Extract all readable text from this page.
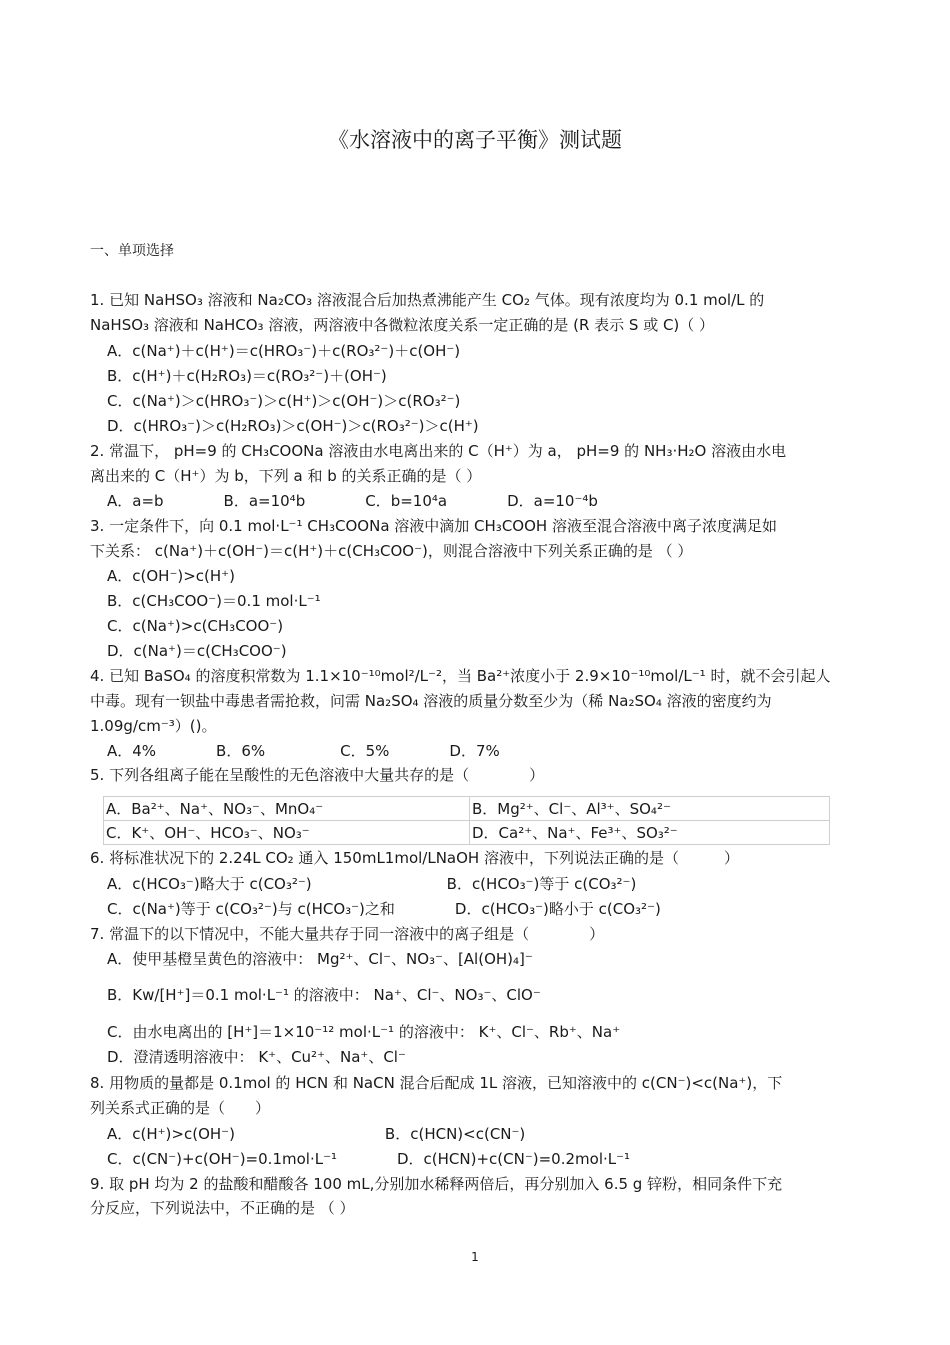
《水溶液中的离子平衡》测试题
一、单项选择
1. 已知 NaHSO₃ 溶液和 Na₂CO₃ 溶液混合后加热煮沸能产生 CO₂ 气体。现有浓度均为 0.1 mol/L 的
NaHSO₃ 溶液和 NaHCO₃ 溶液，两溶液中各微粒浓度关系一定正确的是 (R 表示 S 或 C)（ ）
A．c(Na⁺)＋c(H⁺)＝c(HRO₃⁻)＋c(RO₃²⁻)＋c(OH⁻)
B．c(H⁺)＋c(H₂RO₃)＝c(RO₃²⁻)＋(OH⁻)
C．c(Na⁺)＞c(HRO₃⁻)＞c(H⁺)＞c(OH⁻)＞c(RO₃²⁻)
D．c(HRO₃⁻)＞c(H₂RO₃)＞c(OH⁻)＞c(RO₃²⁻)＞c(H⁺)
2. 常温下， pH=9 的 CH₃COONa 溶液由水电离出来的 C（H⁺）为 a， pH=9 的 NH₃·H₂O 溶液由水电
离出来的 C（H⁺）为 b，下列 a 和 b 的关系正确的是（ ）
A．a=b　　　　B．a=10⁴b　　　　C．b=10⁴a　　　　D．a=10⁻⁴b
3. 一定条件下，向 0.1 mol·L⁻¹ CH₃COONa 溶液中滴加 CH₃COOH 溶液至混合溶液中离子浓度满足如
下关系： c(Na⁺)＋c(OH⁻)＝c(H⁺)＋c(CH₃COO⁻)，则混合溶液中下列关系正确的是 （ ）
A．c(OH⁻)>c(H⁺)
B．c(CH₃COO⁻)＝0.1 mol·L⁻¹
C．c(Na⁺)>c(CH₃COO⁻)
D．c(Na⁺)＝c(CH₃COO⁻)
4. 已知 BaSO₄ 的溶度积常数为 1.1×10⁻¹⁰mol²/L⁻²，当 Ba²⁺浓度小于 2.9×10⁻¹⁰mol/L⁻¹ 时，就不会引起人
中毒。现有一钡盐中毒患者需抢救，问需 Na₂SO₄ 溶液的质量分数至少为（稀 Na₂SO₄ 溶液的密度约为
1.09g/cm⁻³）()。
A．4%　　　　B．6%　　　　　C．5%　　　　D．7%
5. 下列各组离子能在呈酸性的无色溶液中大量共存的是（　　　　）
A．Ba²⁺、Na⁺、NO₃⁻、MnO₄⁻	B．Mg²⁺、Cl⁻、Al³⁺、SO₄²⁻
C．K⁺、OH⁻、HCO₃⁻、NO₃⁻	D．Ca²⁺、Na⁺、Fe³⁺、SO₃²⁻
6. 将标准状况下的 2.24L CO₂ 通入 150mL1mol/LNaOH 溶液中，下列说法正确的是（　　　）
A．c(HCO₃⁻)略大于 c(CO₃²⁻)　　　　　　　　　B．c(HCO₃⁻)等于 c(CO₃²⁻)
C．c(Na⁺)等于 c(CO₃²⁻)与 c(HCO₃⁻)之和　　　　D．c(HCO₃⁻)略小于 c(CO₃²⁻)
7. 常温下的以下情况中，不能大量共存于同一溶液中的离子组是（　　　　）
A．使甲基橙呈黄色的溶液中： Mg²⁺、Cl⁻、NO₃⁻、[Al(OH)₄]⁻
B．Kw/[H⁺]＝0.1 mol·L⁻¹ 的溶液中： Na⁺、Cl⁻、NO₃⁻、ClO⁻
C．由水电离出的 [H⁺]＝1×10⁻¹² mol·L⁻¹ 的溶液中： K⁺、Cl⁻、Rb⁺、Na⁺
D．澄清透明溶液中： K⁺、Cu²⁺、Na⁺、Cl⁻
8. 用物质的量都是 0.1mol 的 HCN 和 NaCN 混合后配成 1L 溶液，已知溶液中的 c(CN⁻)<c(Na⁺)，下
列关系式正确的是（　　）
A．c(H⁺)>c(OH⁻)　　　　　　　　　　B．c(HCN)<c(CN⁻)
C．c(CN⁻)+c(OH⁻)=0.1mol·L⁻¹　　　　D．c(HCN)+c(CN⁻)=0.2mol·L⁻¹
9. 取 pH 均为 2 的盐酸和醋酸各 100 mL,分别加水稀释两倍后，再分别加入 6.5 g 锌粉，相同条件下充
分反应，下列说法中，不正确的是 （ ）
1
